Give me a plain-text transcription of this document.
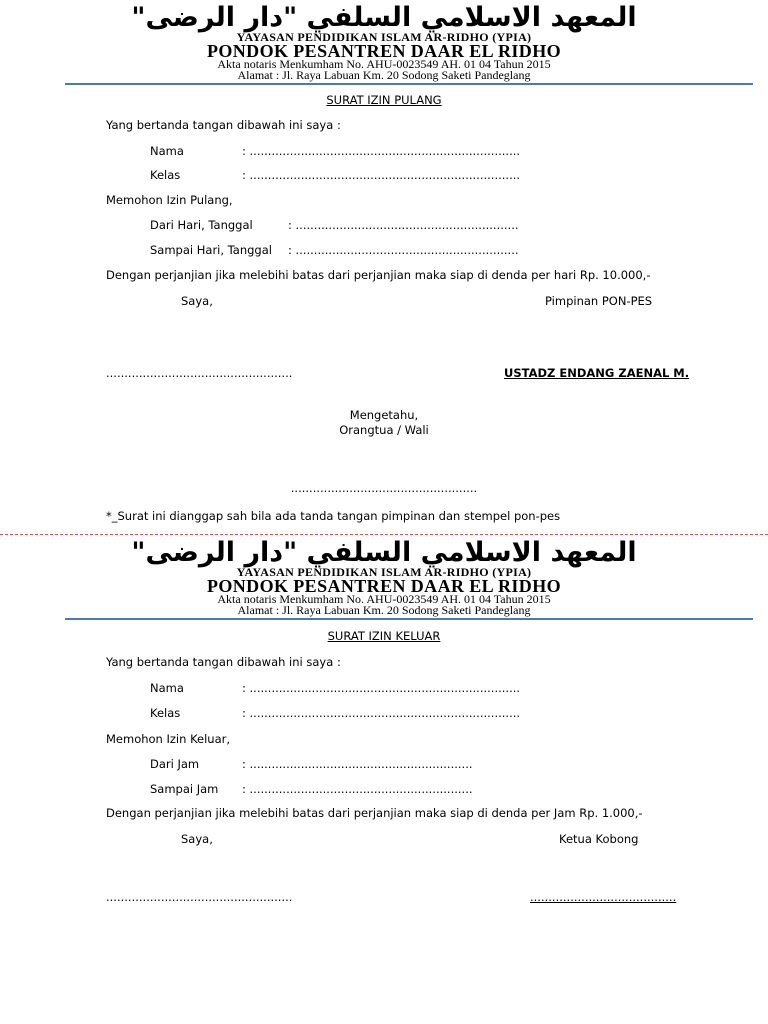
المعهد الاسلامي السلفي "دار الرضى"
YAYASAN PENDIDIKAN ISLAM AR-RIDHO (YPIA)
PONDOK PESANTREN DAAR EL RIDHO
Akta notaris Menkumham No. AHU-0023549 AH. 01 04 Tahun 2015
Alamat : Jl. Raya Labuan Km. 20 Sodong Saketi Pandeglang
SURAT IZIN PULANG
Yang bertanda tangan dibawah ini saya :
Nama	: ..........................................................................
Kelas	: ..........................................................................
Memohon Izin Pulang,
Dari Hari, Tanggal	: .............................................................
Sampai Hari, Tanggal : .............................................................
Dengan perjanjian jika melebihi batas dari perjanjian maka siap di denda per hari Rp. 10.000,-
Saya,	Pimpinan PON-PES
...................................................	USTADZ ENDANG ZAENAL M.
Mengetahu,
Orangtua / Wali
...................................................
*_Surat ini dianggap sah bila ada tanda tangan pimpinan dan stempel pon-pes
المعهد الاسلامي السلفي "دار الرضى"
YAYASAN PENDIDIKAN ISLAM AR-RIDHO (YPIA)
PONDOK PESANTREN DAAR EL RIDHO
Akta notaris Menkumham No. AHU-0023549 AH. 01 04 Tahun 2015
Alamat : Jl. Raya Labuan Km. 20 Sodong Saketi Pandeglang
SURAT IZIN KELUAR
Yang bertanda tangan dibawah ini saya :
Nama	: ..........................................................................
Kelas	: ..........................................................................
Memohon Izin Keluar,
Dari Jam	: .............................................................
Sampai Jam : .............................................................
Dengan perjanjian jika melebihi batas dari perjanjian maka siap di denda per Jam Rp. 1.000,-
Saya,	Ketua Kobong
...................................................	........................................
